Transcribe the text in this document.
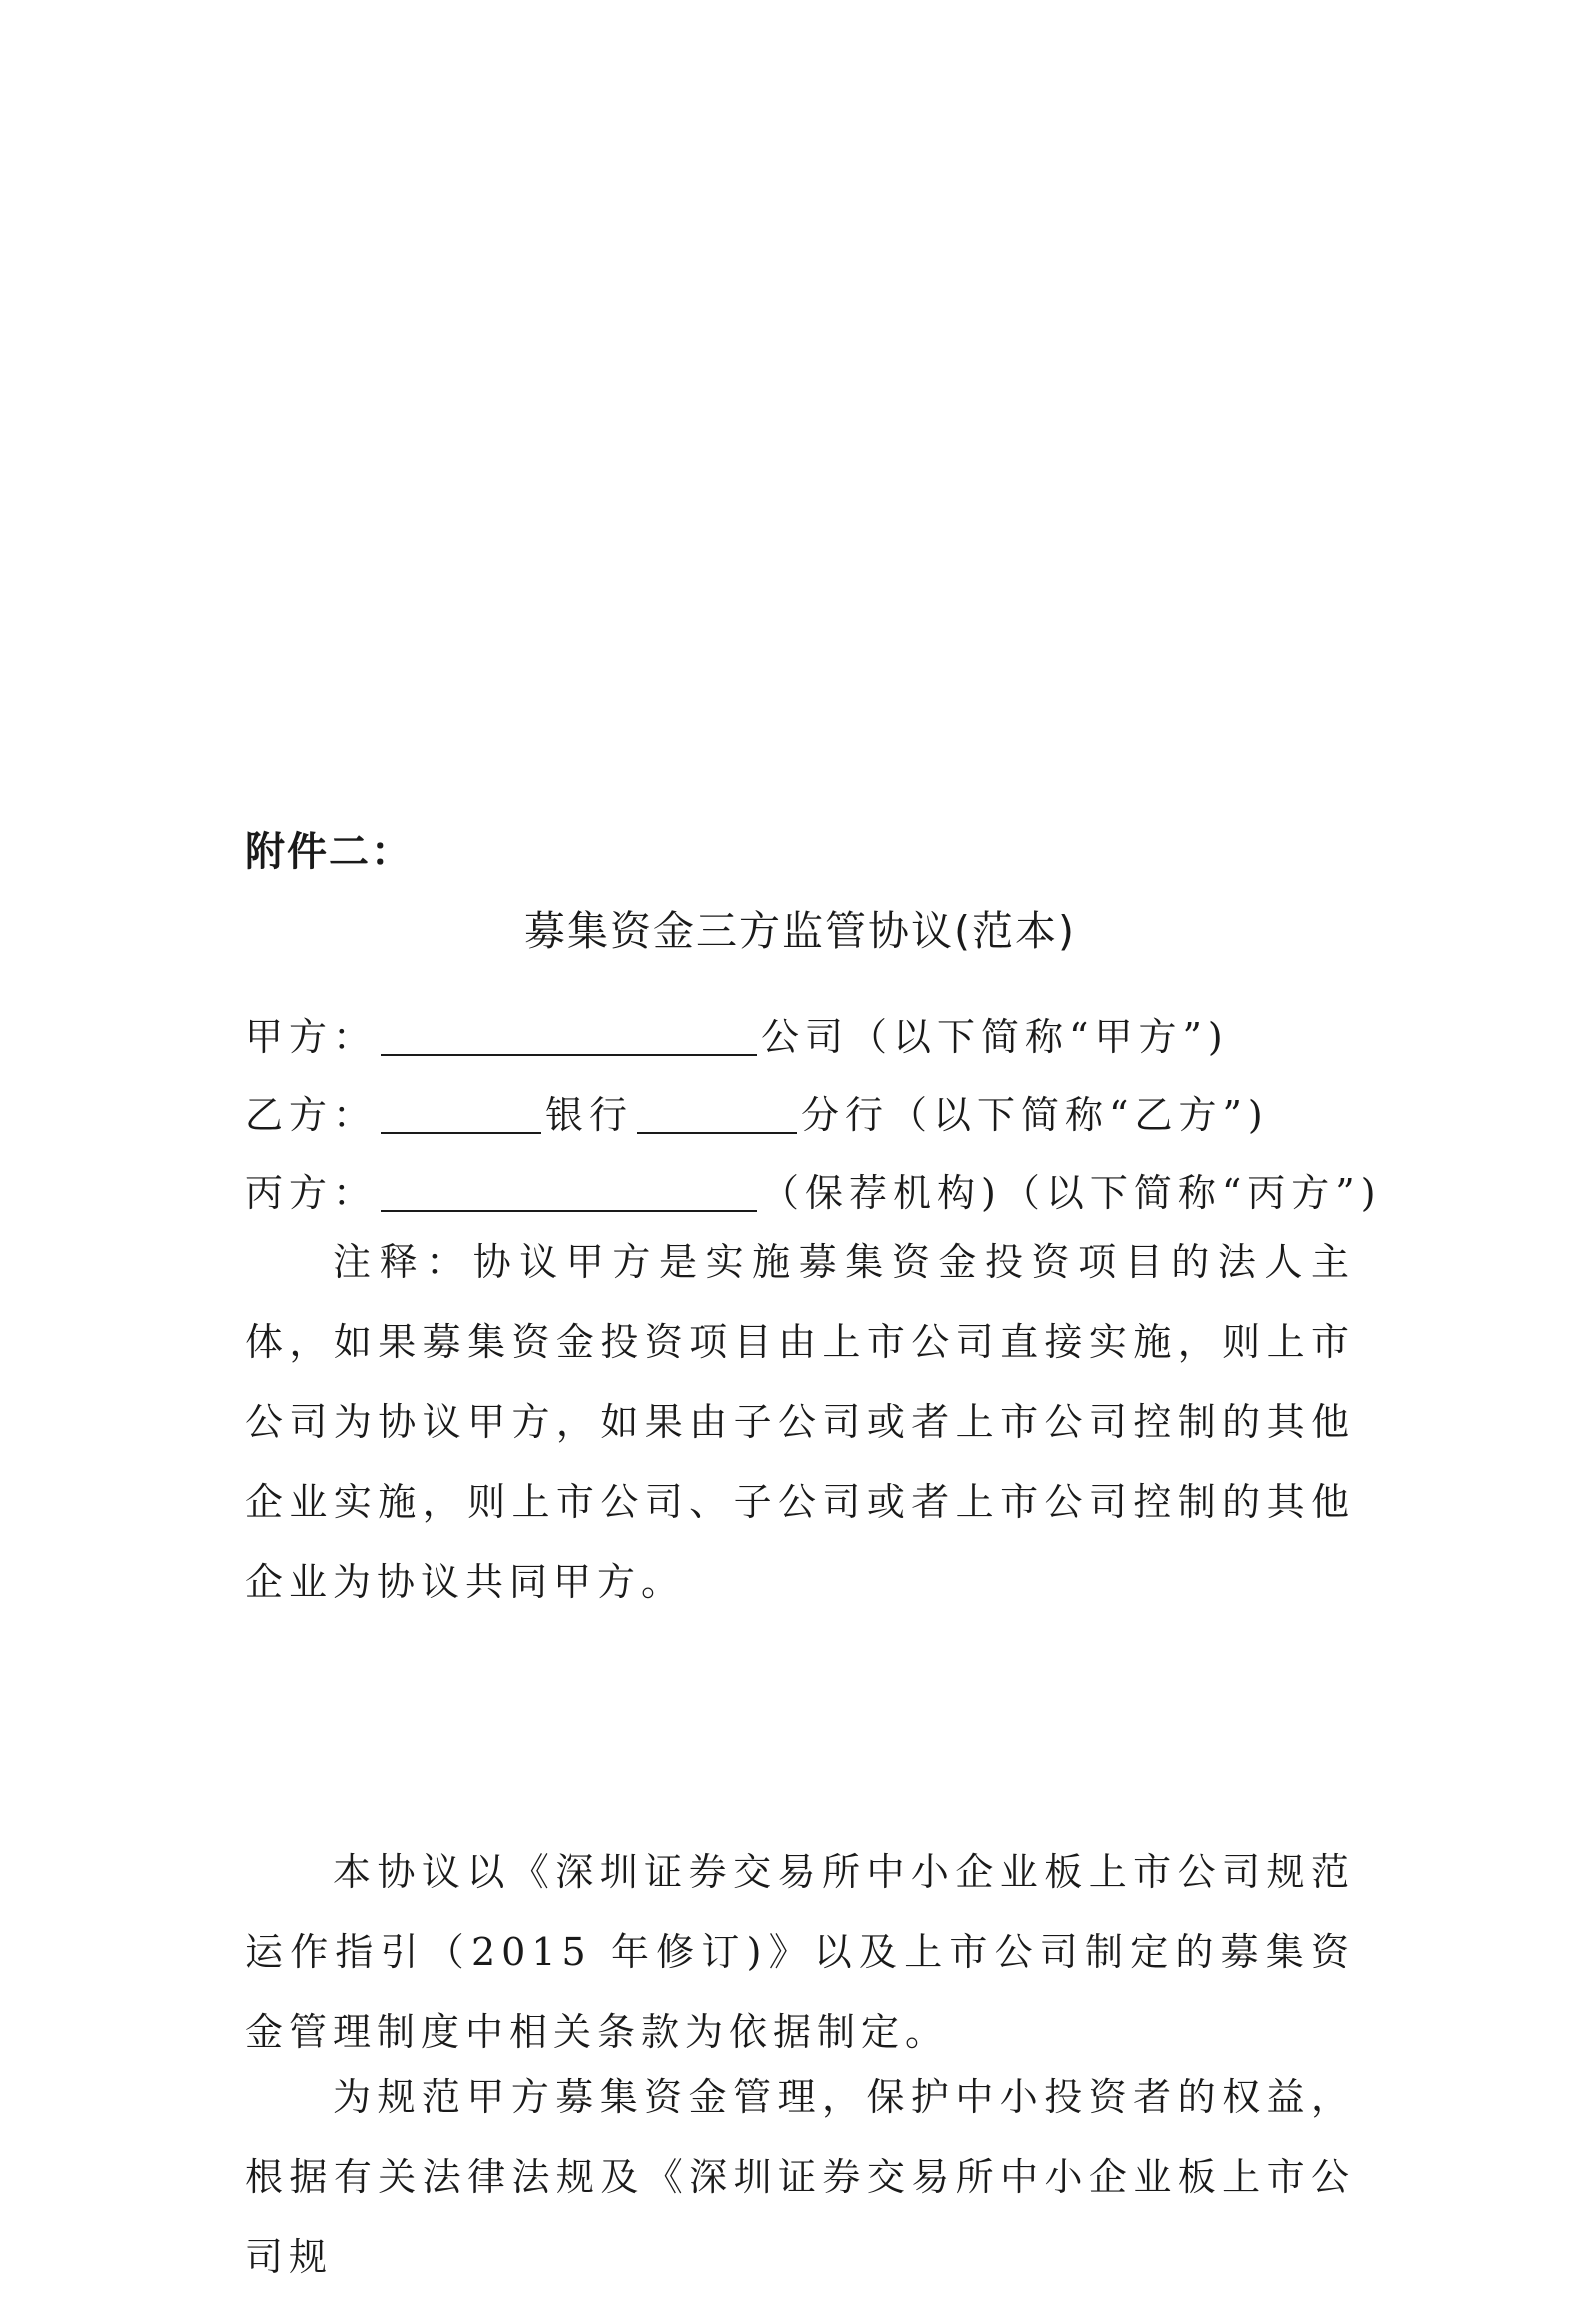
附件二：
募集资金三方监管协议(范本)
甲方：	公司（以下简称“甲方”)
乙方：	银行	分行（以下简称“乙方”)
丙方：	（保荐机构)（以下简称“丙方”)

注释：协议甲方是实施募集资金投资项目的法人主体，如果募集资金投资项目由上市公司直接实施，则上市公司为协议甲方，如果由子公司或者上市公司控制的其他企业实施，则上市公司、子公司或者上市公司控制的其他企业为协议共同甲方。

本协议以《深圳证券交易所中小企业板上市公司规范运作指引（2015 年修订)》以及上市公司制定的募集资金管理制度中相关条款为依据制定。

为规范甲方募集资金管理，保护中小投资者的权益，根据有关法律法规及《深圳证券交易所中小企业板上市公司规
